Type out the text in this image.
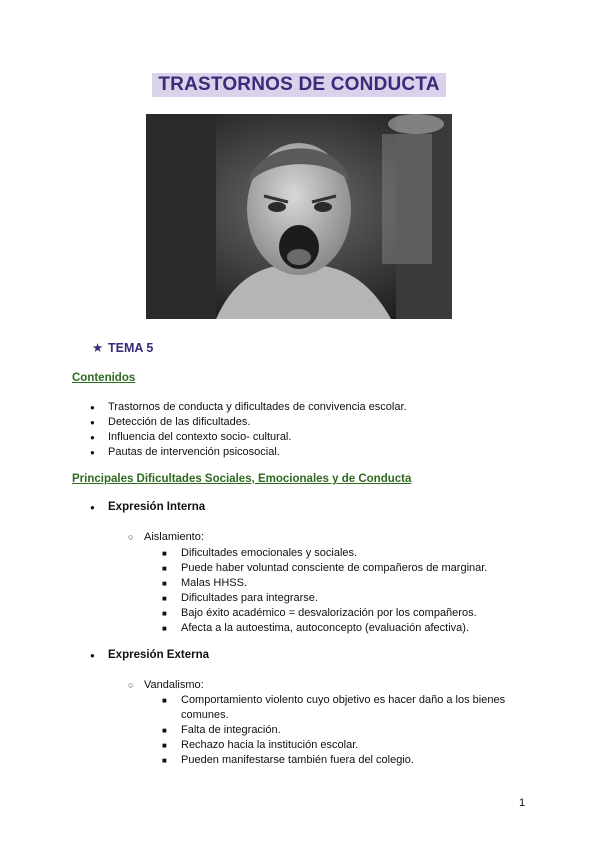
TRASTORNOS DE CONDUCTA
★ TEMA 5
Contenidos
● Trastornos de conducta y dificultades de convivencia escolar.
● Detección de las dificultades.
● Influencia del contexto socio- cultural.
● Pautas de intervención psicosocial.
Principales Dificultades Sociales, Emocionales y de Conducta
● Expresión Interna
○ Aislamiento:
■ Dificultades emocionales y sociales.
■ Puede haber voluntad consciente de compañeros de marginar.
■ Malas HHSS.
■ Dificultades para integrarse.
■ Bajo éxito académico = desvalorización por los compañeros.
■ Afecta a la autoestima, autoconcepto (evaluación afectiva).
● Expresión Externa
○ Vandalismo:
■ Comportamiento violento cuyo objetivo es hacer daño a los bienes comunes.
■ Falta de integración.
■ Rechazo hacia la institución escolar.
■ Pueden manifestarse también fuera del colegio.
1
